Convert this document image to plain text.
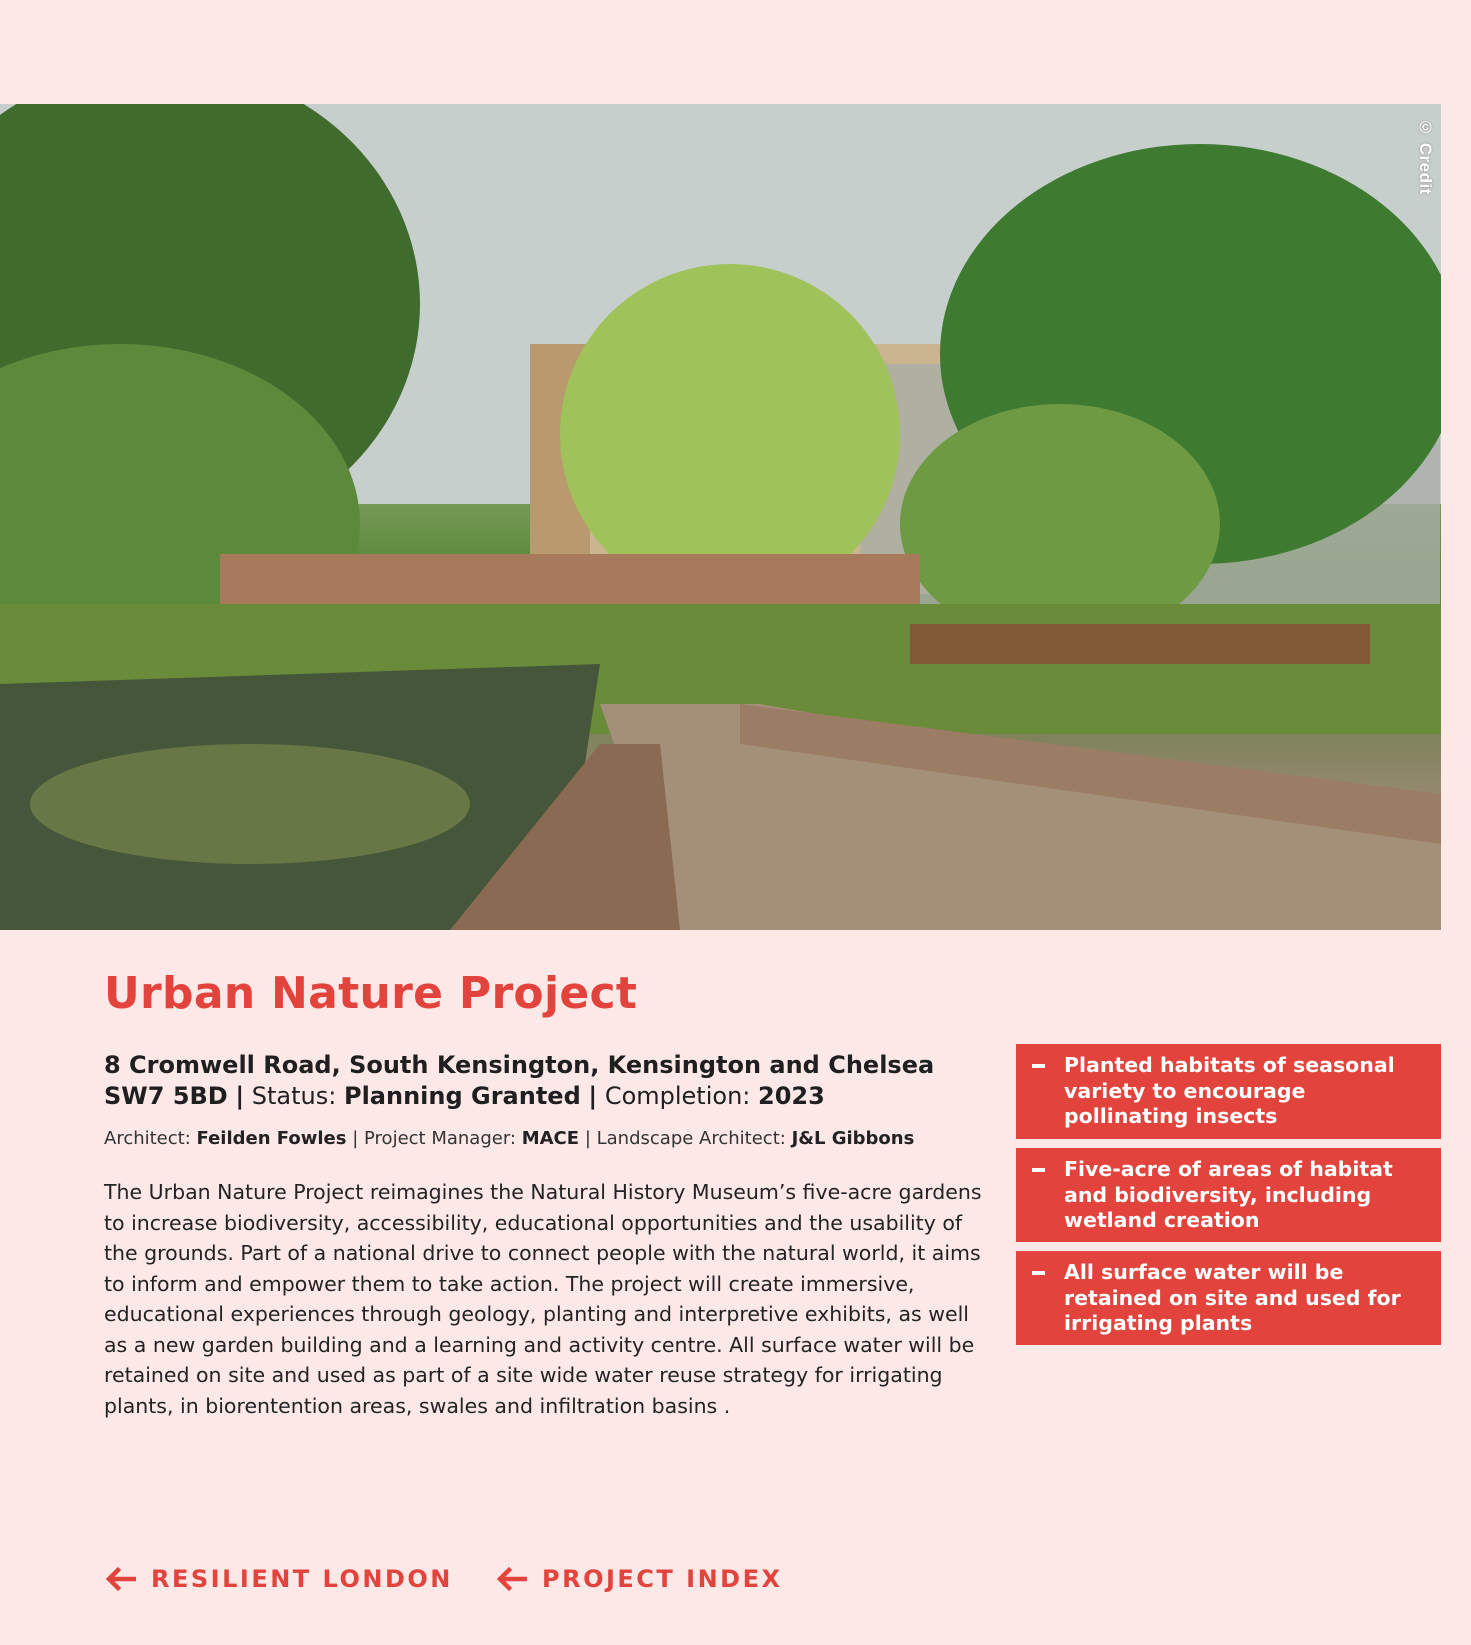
© Credit
Urban Nature Project
8 Cromwell Road, South Kensington, Kensington and Chelsea
SW7 5BD | Status: Planning Granted | Completion: 2023
Architect: Feilden Fowles | Project Manager: MACE | Landscape Architect: J&L Gibbons

The Urban Nature Project reimagines the Natural History Museum’s five-acre gardens to increase biodiversity, accessibility, educational opportunities and the usability of the grounds. Part of a national drive to connect people with the natural world, it aims to inform and empower them to take action. The project will create immersive, educational experiences through geology, planting and interpretive exhibits, as well as a new garden building and a learning and activity centre. All surface water will be retained on site and used as part of a site wide water reuse strategy for irrigating plants, in biorentention areas, swales and infiltration basins .

Planted habitats of seasonal variety to encourage pollinating insects
Five-acre of areas of habitat and biodiversity, including wetland creation
All surface water will be retained on site and used for irrigating plants
RESILIENT LONDON	PROJECT INDEX
